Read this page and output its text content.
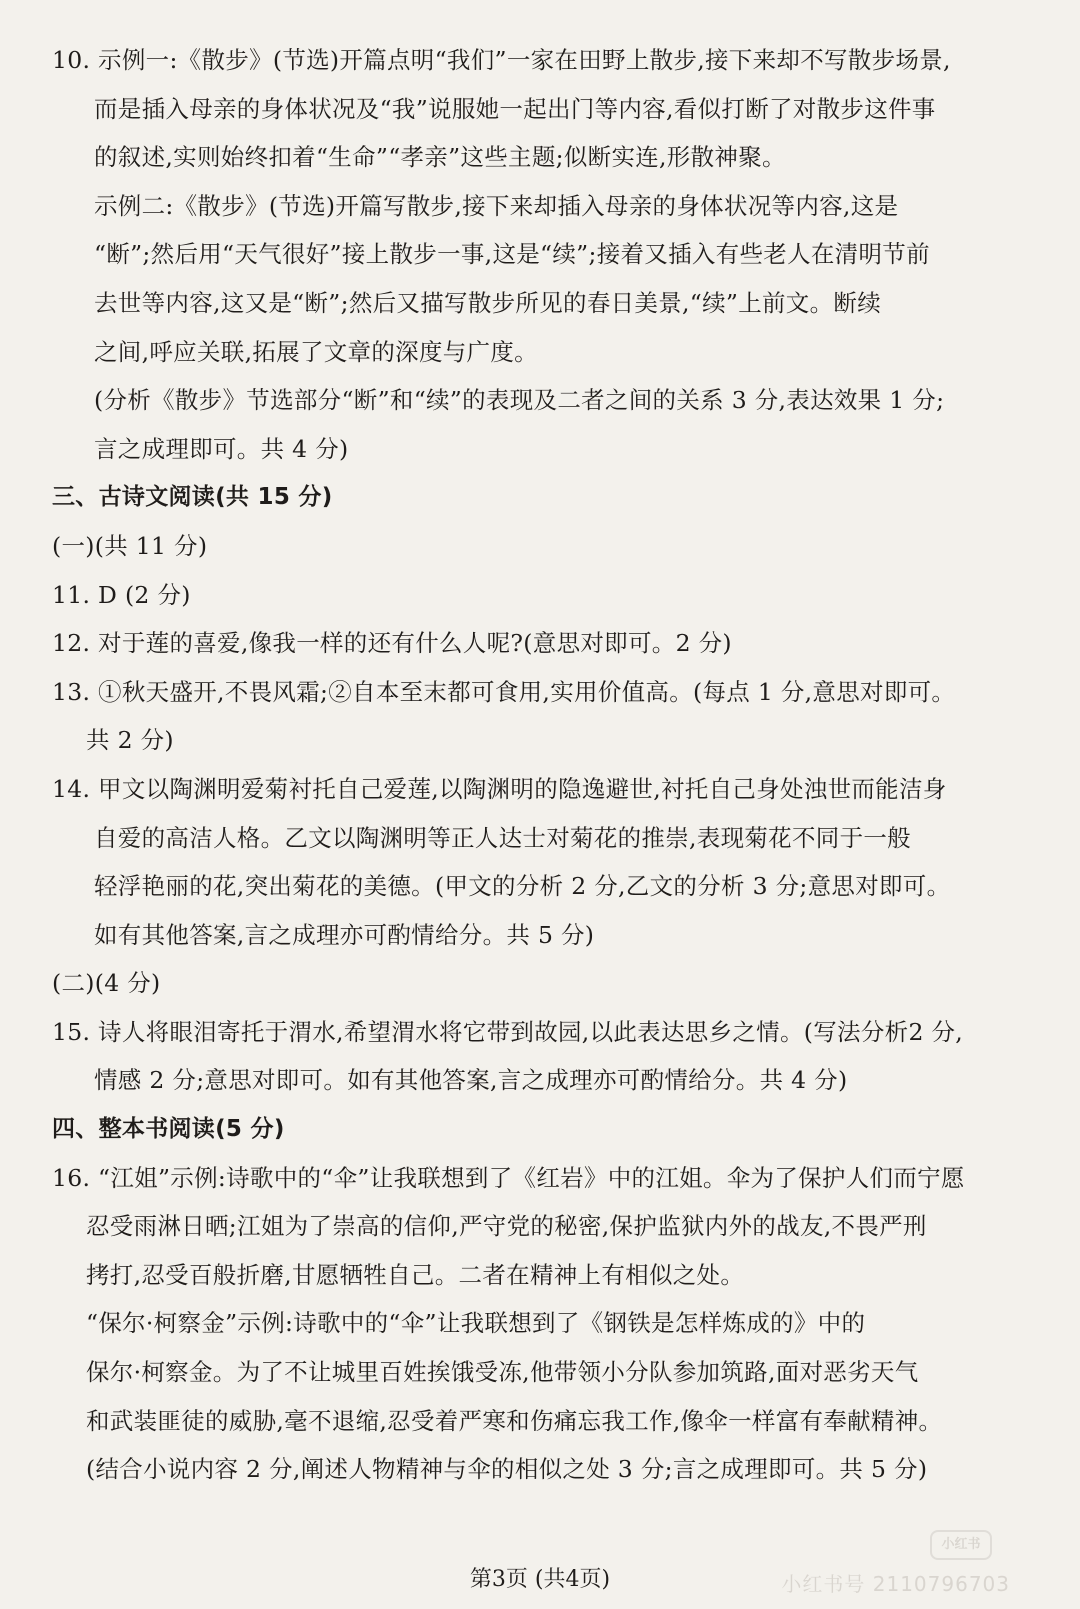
10. 示例一:《散步》(节选)开篇点明“我们”一家在田野上散步,接下来却不写散步场景,
而是插入母亲的身体状况及“我”说服她一起出门等内容,看似打断了对散步这件事
的叙述,实则始终扣着“生命”“孝亲”这些主题;似断实连,形散神聚。
示例二:《散步》(节选)开篇写散步,接下来却插入母亲的身体状况等内容,这是
“断”;然后用“天气很好”接上散步一事,这是“续”;接着又插入有些老人在清明节前
去世等内容,这又是“断”;然后又描写散步所见的春日美景,“续”上前文。断续
之间,呼应关联,拓展了文章的深度与广度。
(分析《散步》节选部分“断”和“续”的表现及二者之间的关系 3 分,表达效果 1 分;
言之成理即可。共 4 分)
三、古诗文阅读(共 15 分)
(一)(共 11 分)
11. D (2 分)
12. 对于莲的喜爱,像我一样的还有什么人呢?(意思对即可。2 分)
13. ①秋天盛开,不畏风霜;②自本至末都可食用,实用价值高。(每点 1 分,意思对即可。
共 2 分)
14. 甲文以陶渊明爱菊衬托自己爱莲,以陶渊明的隐逸避世,衬托自己身处浊世而能洁身
自爱的高洁人格。乙文以陶渊明等正人达士对菊花的推崇,表现菊花不同于一般
轻浮艳丽的花,突出菊花的美德。(甲文的分析 2 分,乙文的分析 3 分;意思对即可。
如有其他答案,言之成理亦可酌情给分。共 5 分)
(二)(4 分)
15. 诗人将眼泪寄托于渭水,希望渭水将它带到故园,以此表达思乡之情。(写法分析2 分,
情感 2 分;意思对即可。如有其他答案,言之成理亦可酌情给分。共 4 分)
四、整本书阅读(5 分)
16. “江姐”示例:诗歌中的“伞”让我联想到了《红岩》中的江姐。伞为了保护人们而宁愿
忍受雨淋日晒;江姐为了崇高的信仰,严守党的秘密,保护监狱内外的战友,不畏严刑
拷打,忍受百般折磨,甘愿牺牲自己。二者在精神上有相似之处。
“保尔·柯察金”示例:诗歌中的“伞”让我联想到了《钢铁是怎样炼成的》中的
保尔·柯察金。为了不让城里百姓挨饿受冻,他带领小分队参加筑路,面对恶劣天气
和武装匪徒的威胁,毫不退缩,忍受着严寒和伤痛忘我工作,像伞一样富有奉献精神。
(结合小说内容 2 分,阐述人物精神与伞的相似之处 3 分;言之成理即可。共 5 分)
小红书
第3页 (共4页)	小红书号 2110796703
